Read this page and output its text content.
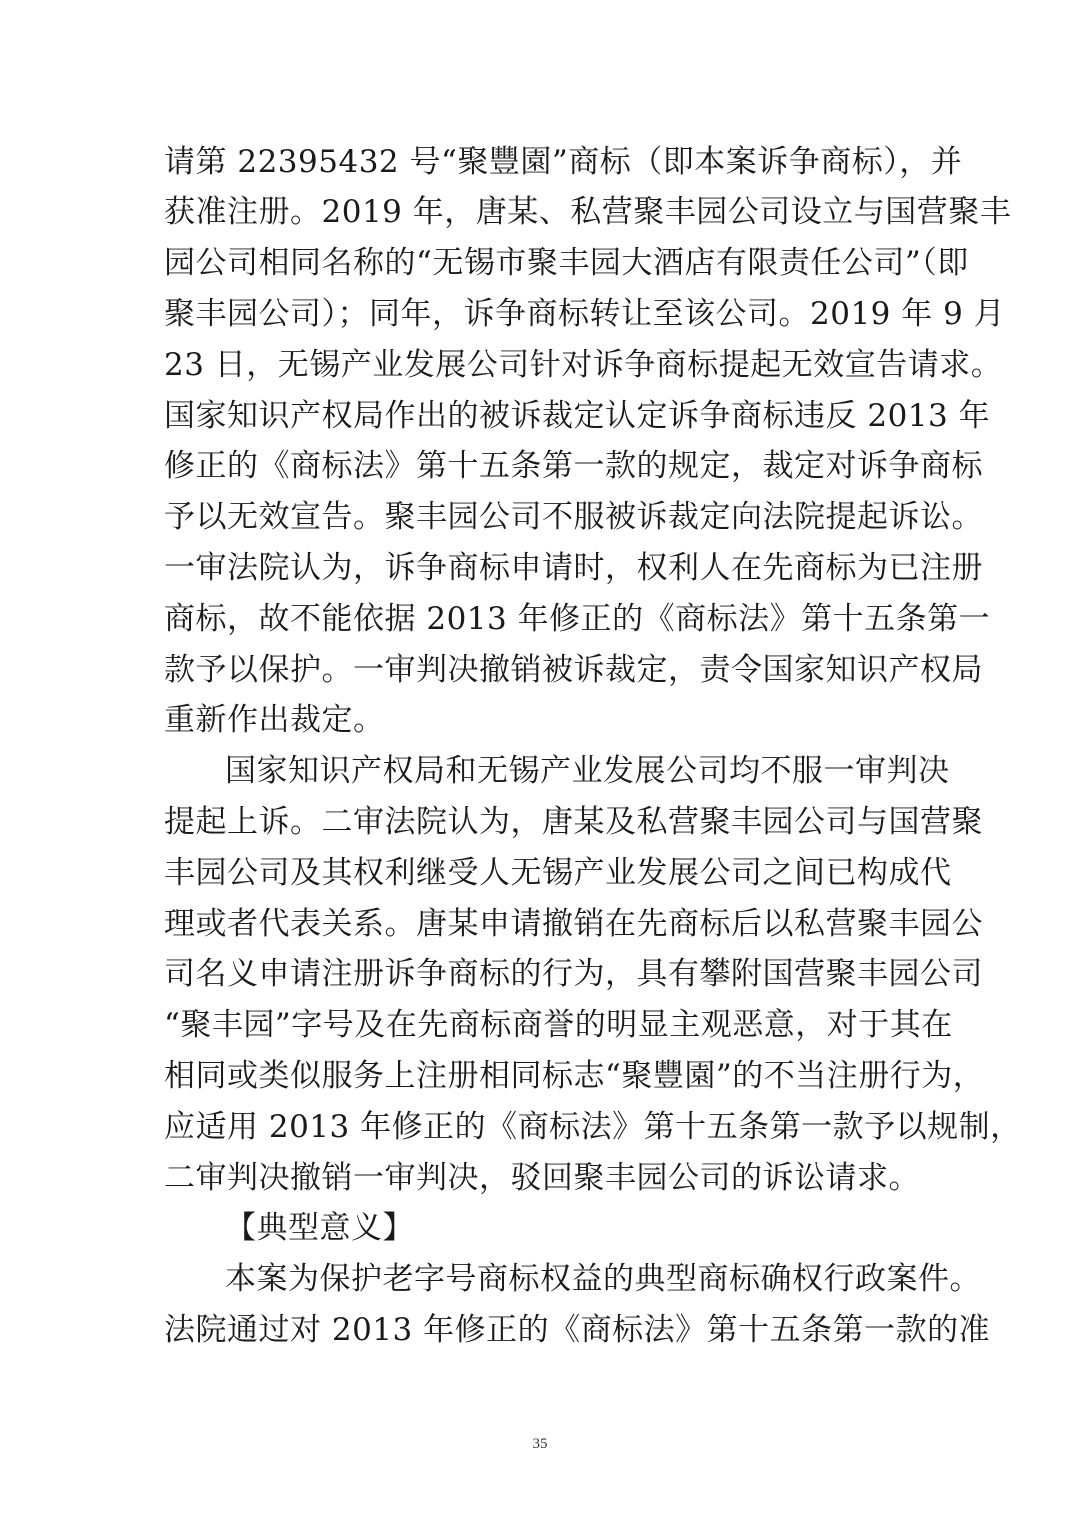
请第 22395432 号“聚豐園”商标（即本案诉争商标），并
获准注册。2019 年，唐某、私营聚丰园公司设立与国营聚丰
园公司相同名称的“无锡市聚丰园大酒店有限责任公司”（即
聚丰园公司）；同年，诉争商标转让至该公司。2019 年 9 月
23 日，无锡产业发展公司针对诉争商标提起无效宣告请求。
国家知识产权局作出的被诉裁定认定诉争商标违反 2013 年
修正的《商标法》第十五条第一款的规定，裁定对诉争商标
予以无效宣告。聚丰园公司不服被诉裁定向法院提起诉讼。
一审法院认为，诉争商标申请时，权利人在先商标为已注册
商标，故不能依据 2013 年修正的《商标法》第十五条第一
款予以保护。一审判决撤销被诉裁定，责令国家知识产权局
重新作出裁定。
国家知识产权局和无锡产业发展公司均不服一审判决
提起上诉。二审法院认为，唐某及私营聚丰园公司与国营聚
丰园公司及其权利继受人无锡产业发展公司之间已构成代
理或者代表关系。唐某申请撤销在先商标后以私营聚丰园公
司名义申请注册诉争商标的行为，具有攀附国营聚丰园公司
“聚丰园”字号及在先商标商誉的明显主观恶意，对于其在
相同或类似服务上注册相同标志“聚豐園”的不当注册行为，
应适用 2013 年修正的《商标法》第十五条第一款予以规制，
二审判决撤销一审判决，驳回聚丰园公司的诉讼请求。
【典型意义】
本案为保护老字号商标权益的典型商标确权行政案件。
法院通过对 2013 年修正的《商标法》第十五条第一款的准
35
